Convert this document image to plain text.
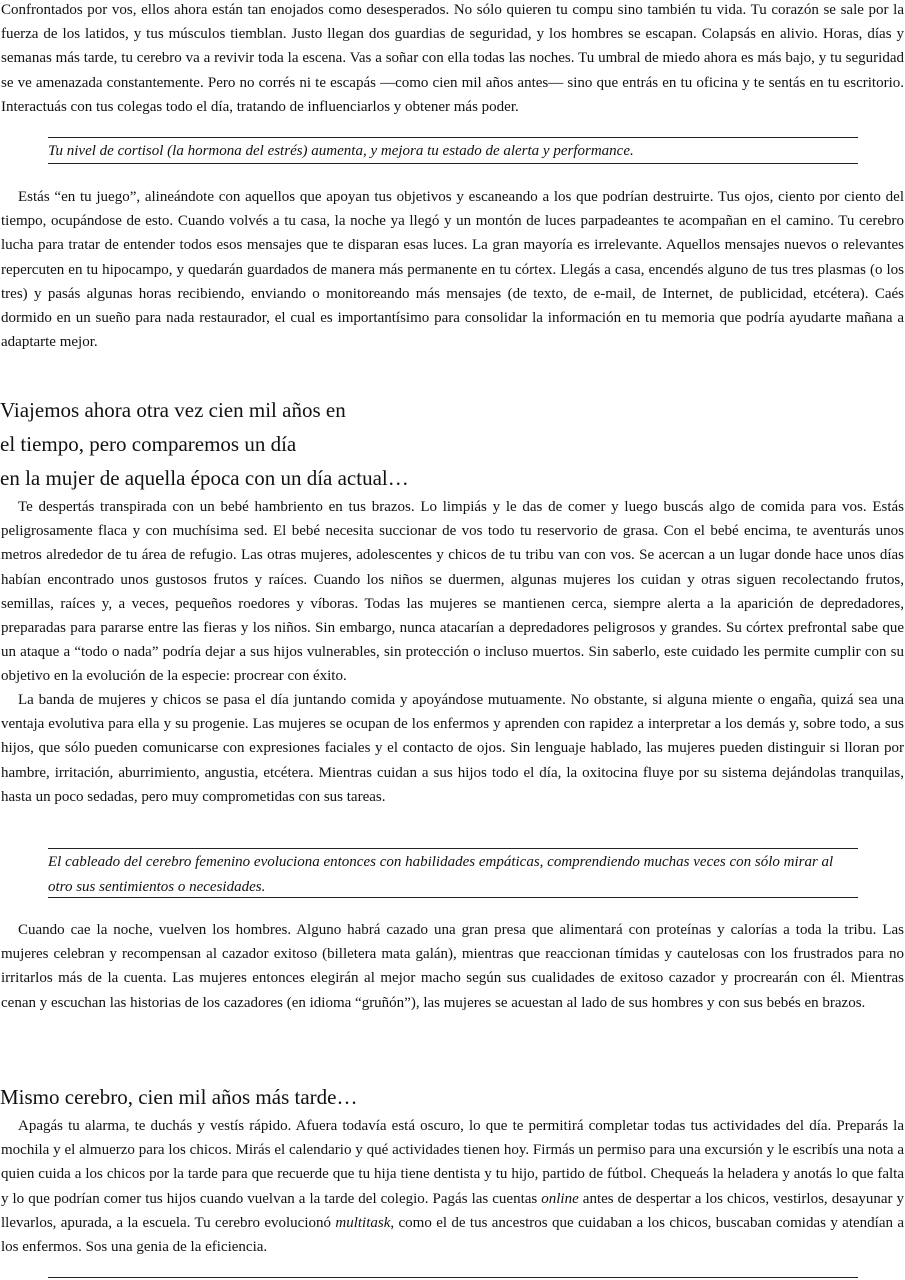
Confrontados por vos, ellos ahora están tan enojados como desesperados. No sólo quieren tu compu sino también tu vida. Tu corazón se sale por la fuerza de los latidos, y tus músculos tiemblan. Justo llegan dos guardias de seguridad, y los hombres se escapan. Colapsás en alivio. Horas, días y semanas más tarde, tu cerebro va a revivir toda la escena. Vas a soñar con ella todas las noches. Tu umbral de miedo ahora es más bajo, y tu seguridad se ve amenazada constantemente. Pero no corrés ni te escapás —como cien mil años antes— sino que entrás en tu oficina y te sentás en tu escritorio. Interactuás con tus colegas todo el día, tratando de influenciarlos y obtener más poder.

Tu nivel de cortisol (la hormona del estrés) aumenta, y mejora tu estado de alerta y performance.

Estás “en tu juego”, alineándote con aquellos que apoyan tus objetivos y escaneando a los que podrían destruirte. Tus ojos, ciento por ciento del tiempo, ocupándose de esto. Cuando volvés a tu casa, la noche ya llegó y un montón de luces parpadeantes te acompañan en el camino. Tu cerebro lucha para tratar de entender todos esos mensajes que te disparan esas luces. La gran mayoría es irrelevante. Aquellos mensajes nuevos o relevantes repercuten en tu hipocampo, y quedarán guardados de manera más permanente en tu córtex. Llegás a casa, encendés alguno de tus tres plasmas (o los tres) y pasás algunas horas recibiendo, enviando o monitoreando más mensajes (de texto, de e-mail, de Internet, de publicidad, etcétera). Caés dormido en un sueño para nada restaurador, el cual es importantísimo para consolidar la información en tu memoria que podría ayudarte mañana a adaptarte mejor.

Viajemos ahora otra vez cien mil años en
el tiempo, pero comparemos un día
en la mujer de aquella época con un día actual…

Te despertás transpirada con un bebé hambriento en tus brazos. Lo limpiás y le das de comer y luego buscás algo de comida para vos. Estás peligrosamente flaca y con muchísima sed. El bebé necesita succionar de vos todo tu reservorio de grasa. Con el bebé encima, te aventurás unos metros alrededor de tu área de refugio. Las otras mujeres, adolescentes y chicos de tu tribu van con vos. Se acercan a un lugar donde hace unos días habían encontrado unos gustosos frutos y raíces. Cuando los niños se duermen, algunas mujeres los cuidan y otras siguen recolectando frutos, semillas, raíces y, a veces, pequeños roedores y víboras. Todas las mujeres se mantienen cerca, siempre alerta a la aparición de depredadores, preparadas para pararse entre las fieras y los niños. Sin embargo, nunca atacarían a depredadores peligrosos y grandes. Su córtex prefrontal sabe que un ataque a “todo o nada” podría dejar a sus hijos vulnerables, sin protección o incluso muertos. Sin saberlo, este cuidado les permite cumplir con su objetivo en la evolución de la especie: procrear con éxito.

La banda de mujeres y chicos se pasa el día juntando comida y apoyándose mutuamente. No obstante, si alguna miente o engaña, quizá sea una ventaja evolutiva para ella y su progenie. Las mujeres se ocupan de los enfermos y aprenden con rapidez a interpretar a los demás y, sobre todo, a sus hijos, que sólo pueden comunicarse con expresiones faciales y el contacto de ojos. Sin lenguaje hablado, las mujeres pueden distinguir si lloran por hambre, irritación, aburrimiento, angustia, etcétera. Mientras cuidan a sus hijos todo el día, la oxitocina fluye por su sistema dejándolas tranquilas, hasta un poco sedadas, pero muy comprometidas con sus tareas.

El cableado del cerebro femenino evoluciona entonces con habilidades empáticas, comprendiendo muchas veces con sólo mirar al otro sus sentimientos o necesidades.

Cuando cae la noche, vuelven los hombres. Alguno habrá cazado una gran presa que alimentará con proteínas y calorías a toda la tribu. Las mujeres celebran y recompensan al cazador exitoso (billetera mata galán), mientras que reaccionan tímidas y cautelosas con los frustrados para no irritarlos más de la cuenta. Las mujeres entonces elegirán al mejor macho según sus cualidades de exitoso cazador y procrearán con él. Mientras cenan y escuchan las historias de los cazadores (en idioma “gruñón”), las mujeres se acuestan al lado de sus hombres y con sus bebés en brazos.

Mismo cerebro, cien mil años más tarde…

Apagás tu alarma, te duchás y vestís rápido. Afuera todavía está oscuro, lo que te permitirá completar todas tus actividades del día. Preparás la mochila y el almuerzo para los chicos. Mirás el calendario y qué actividades tienen hoy. Firmás un permiso para una excursión y le escribís una nota a quien cuida a los chicos por la tarde para que recuerde que tu hija tiene dentista y tu hijo, partido de fútbol. Chequeás la heladera y anotás lo que falta y lo que podrían comer tus hijos cuando vuelvan a la tarde del colegio. Pagás las cuentas online antes de despertar a los chicos, vestirlos, desayunar y llevarlos, apurada, a la escuela. Tu cerebro evolucionó multitask, como el de tus ancestros que cuidaban a los chicos, buscaban comidas y atendían a los enfermos. Sos una genia de la eficiencia.
